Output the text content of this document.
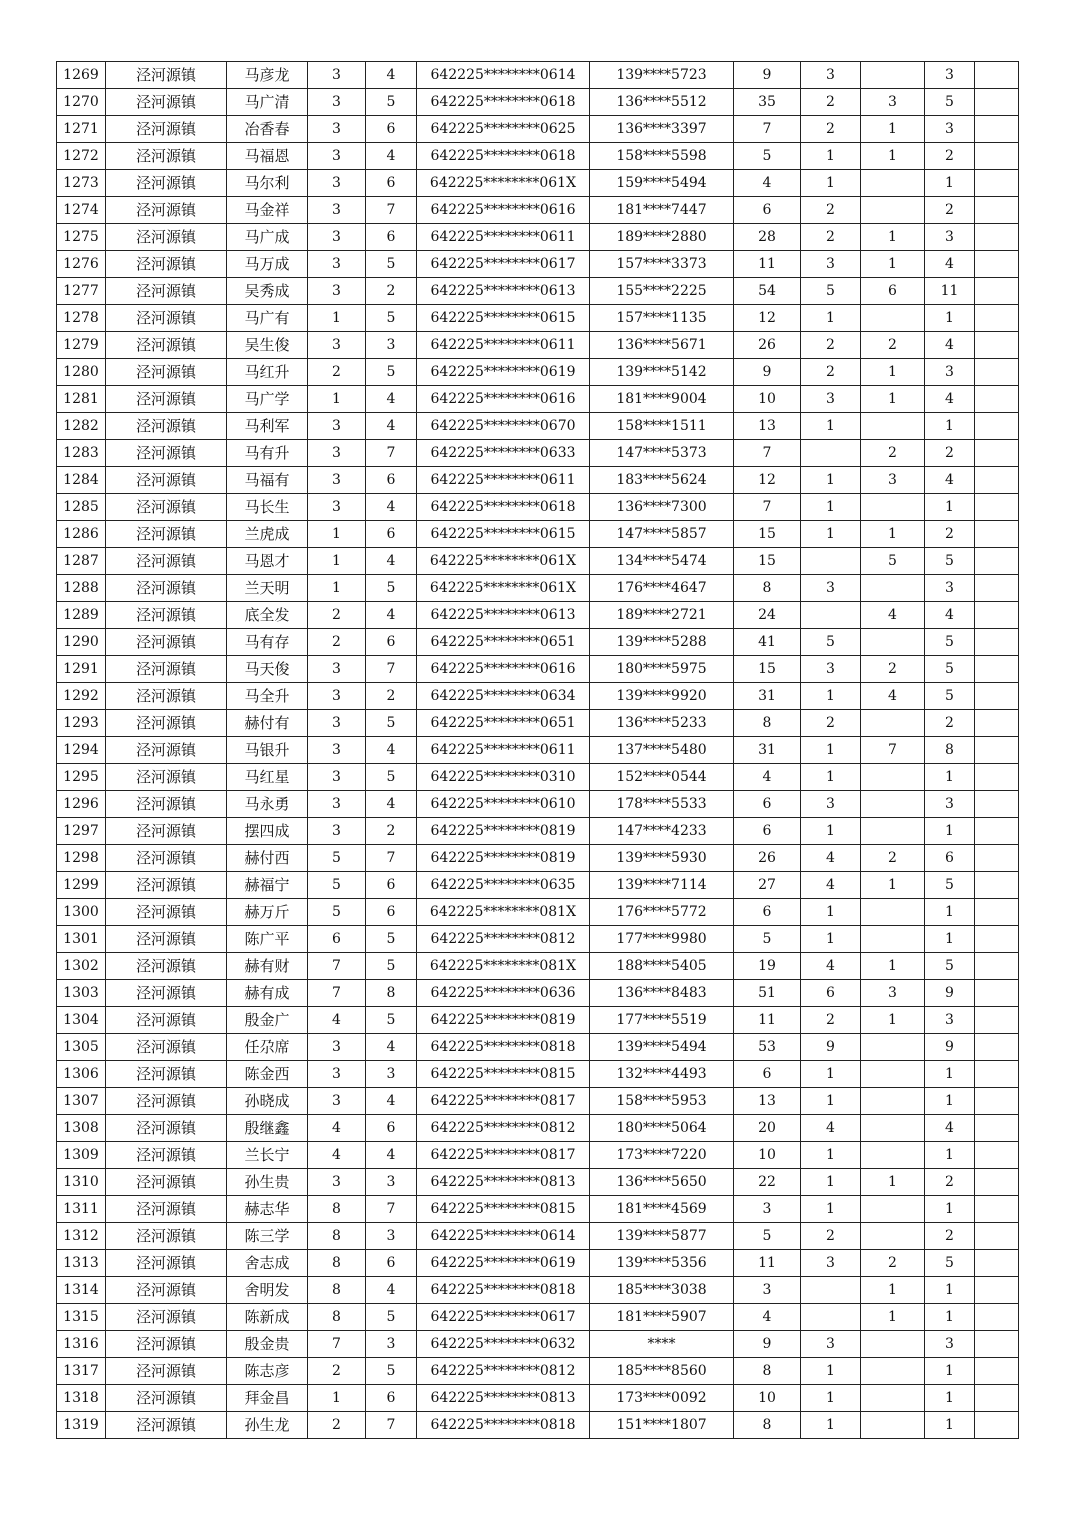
1269	泾河源镇	马彦龙	3	4	642225********0614	139****5723	9	3		3	
1270	泾河源镇	马广清	3	5	642225********0618	136****5512	35	2	3	5	
1271	泾河源镇	冶香春	3	6	642225********0625	136****3397	7	2	1	3	
1272	泾河源镇	马福恩	3	4	642225********0618	158****5598	5	1	1	2	
1273	泾河源镇	马尔利	3	6	642225********061X	159****5494	4	1		1	
1274	泾河源镇	马金祥	3	7	642225********0616	181****7447	6	2		2	
1275	泾河源镇	马广成	3	6	642225********0611	189****2880	28	2	1	3	
1276	泾河源镇	马万成	3	5	642225********0617	157****3373	11	3	1	4	
1277	泾河源镇	吴秀成	3	2	642225********0613	155****2225	54	5	6	11	
1278	泾河源镇	马广有	1	5	642225********0615	157****1135	12	1		1	
1279	泾河源镇	吴生俊	3	3	642225********0611	136****5671	26	2	2	4	
1280	泾河源镇	马红升	2	5	642225********0619	139****5142	9	2	1	3	
1281	泾河源镇	马广学	1	4	642225********0616	181****9004	10	3	1	4	
1282	泾河源镇	马利军	3	4	642225********0670	158****1511	13	1		1	
1283	泾河源镇	马有升	3	7	642225********0633	147****5373	7		2	2	
1284	泾河源镇	马福有	3	6	642225********0611	183****5624	12	1	3	4	
1285	泾河源镇	马长生	3	4	642225********0618	136****7300	7	1		1	
1286	泾河源镇	兰虎成	1	6	642225********0615	147****5857	15	1	1	2	
1287	泾河源镇	马恩才	1	4	642225********061X	134****5474	15		5	5	
1288	泾河源镇	兰天明	1	5	642225********061X	176****4647	8	3		3	
1289	泾河源镇	底全发	2	4	642225********0613	189****2721	24		4	4	
1290	泾河源镇	马有存	2	6	642225********0651	139****5288	41	5		5	
1291	泾河源镇	马天俊	3	7	642225********0616	180****5975	15	3	2	5	
1292	泾河源镇	马全升	3	2	642225********0634	139****9920	31	1	4	5	
1293	泾河源镇	赫付有	3	5	642225********0651	136****5233	8	2		2	
1294	泾河源镇	马银升	3	4	642225********0611	137****5480	31	1	7	8	
1295	泾河源镇	马红星	3	5	642225********0310	152****0544	4	1		1	
1296	泾河源镇	马永勇	3	4	642225********0610	178****5533	6	3		3	
1297	泾河源镇	摆四成	3	2	642225********0819	147****4233	6	1		1	
1298	泾河源镇	赫付西	5	7	642225********0819	139****5930	26	4	2	6	
1299	泾河源镇	赫福宁	5	6	642225********0635	139****7114	27	4	1	5	
1300	泾河源镇	赫万斤	5	6	642225********081X	176****5772	6	1		1	
1301	泾河源镇	陈广平	6	5	642225********0812	177****9980	5	1		1	
1302	泾河源镇	赫有财	7	5	642225********081X	188****5405	19	4	1	5	
1303	泾河源镇	赫有成	7	8	642225********0636	136****8483	51	6	3	9	
1304	泾河源镇	殷金广	4	5	642225********0819	177****5519	11	2	1	3	
1305	泾河源镇	任尕席	3	4	642225********0818	139****5494	53	9		9	
1306	泾河源镇	陈金西	3	3	642225********0815	132****4493	6	1		1	
1307	泾河源镇	孙晓成	3	4	642225********0817	158****5953	13	1		1	
1308	泾河源镇	殷继鑫	4	6	642225********0812	180****5064	20	4		4	
1309	泾河源镇	兰长宁	4	4	642225********0817	173****7220	10	1		1	
1310	泾河源镇	孙生贵	3	3	642225********0813	136****5650	22	1	1	2	
1311	泾河源镇	赫志华	8	7	642225********0815	181****4569	3	1		1	
1312	泾河源镇	陈三学	8	3	642225********0614	139****5877	5	2		2	
1313	泾河源镇	舍志成	8	6	642225********0619	139****5356	11	3	2	5	
1314	泾河源镇	舍明发	8	4	642225********0818	185****3038	3		1	1	
1315	泾河源镇	陈新成	8	5	642225********0617	181****5907	4		1	1	
1316	泾河源镇	殷金贵	7	3	642225********0632	****	9	3		3	
1317	泾河源镇	陈志彦	2	5	642225********0812	185****8560	8	1		1	
1318	泾河源镇	拜金昌	1	6	642225********0813	173****0092	10	1		1	
1319	泾河源镇	孙生龙	2	7	642225********0818	151****1807	8	1		1	
